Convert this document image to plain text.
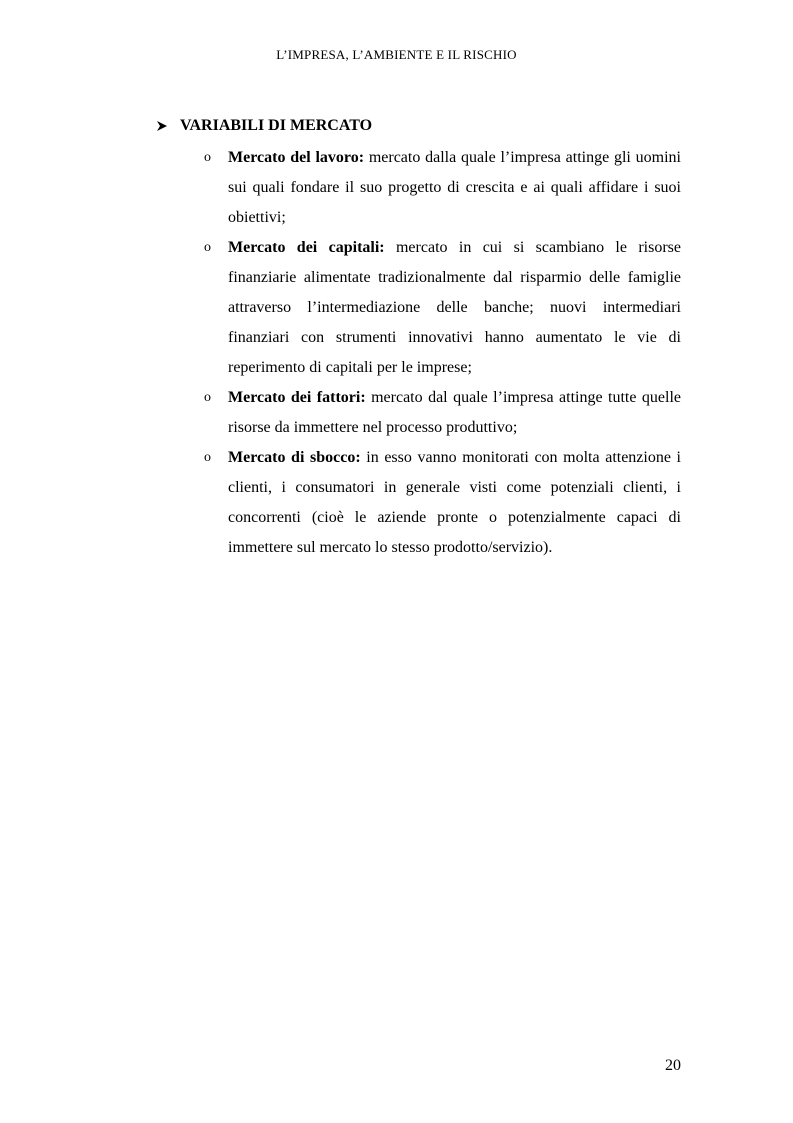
L’IMPRESA, L’AMBIENTE E IL RISCHIO
VARIABILI DI MERCATO
o	Mercato del lavoro: mercato dalla quale l’impresa attinge gli uomini sui quali fondare il suo progetto di crescita e ai quali affidare i suoi obiettivi;
o	Mercato dei capitali: mercato in cui si scambiano le risorse finanziarie alimentate tradizionalmente dal risparmio delle famiglie attraverso l’intermediazione delle banche; nuovi intermediari finanziari con strumenti innovativi hanno aumentato le vie di reperimento di capitali per le imprese;
o	Mercato dei fattori: mercato dal quale l’impresa attinge tutte quelle risorse da immettere nel processo produttivo;
o	Mercato di sbocco: in esso vanno monitorati con molta attenzione i clienti, i consumatori in generale visti come potenziali clienti, i concorrenti (cioè le aziende pronte o potenzialmente capaci di immettere sul mercato lo stesso prodotto/servizio).
20
